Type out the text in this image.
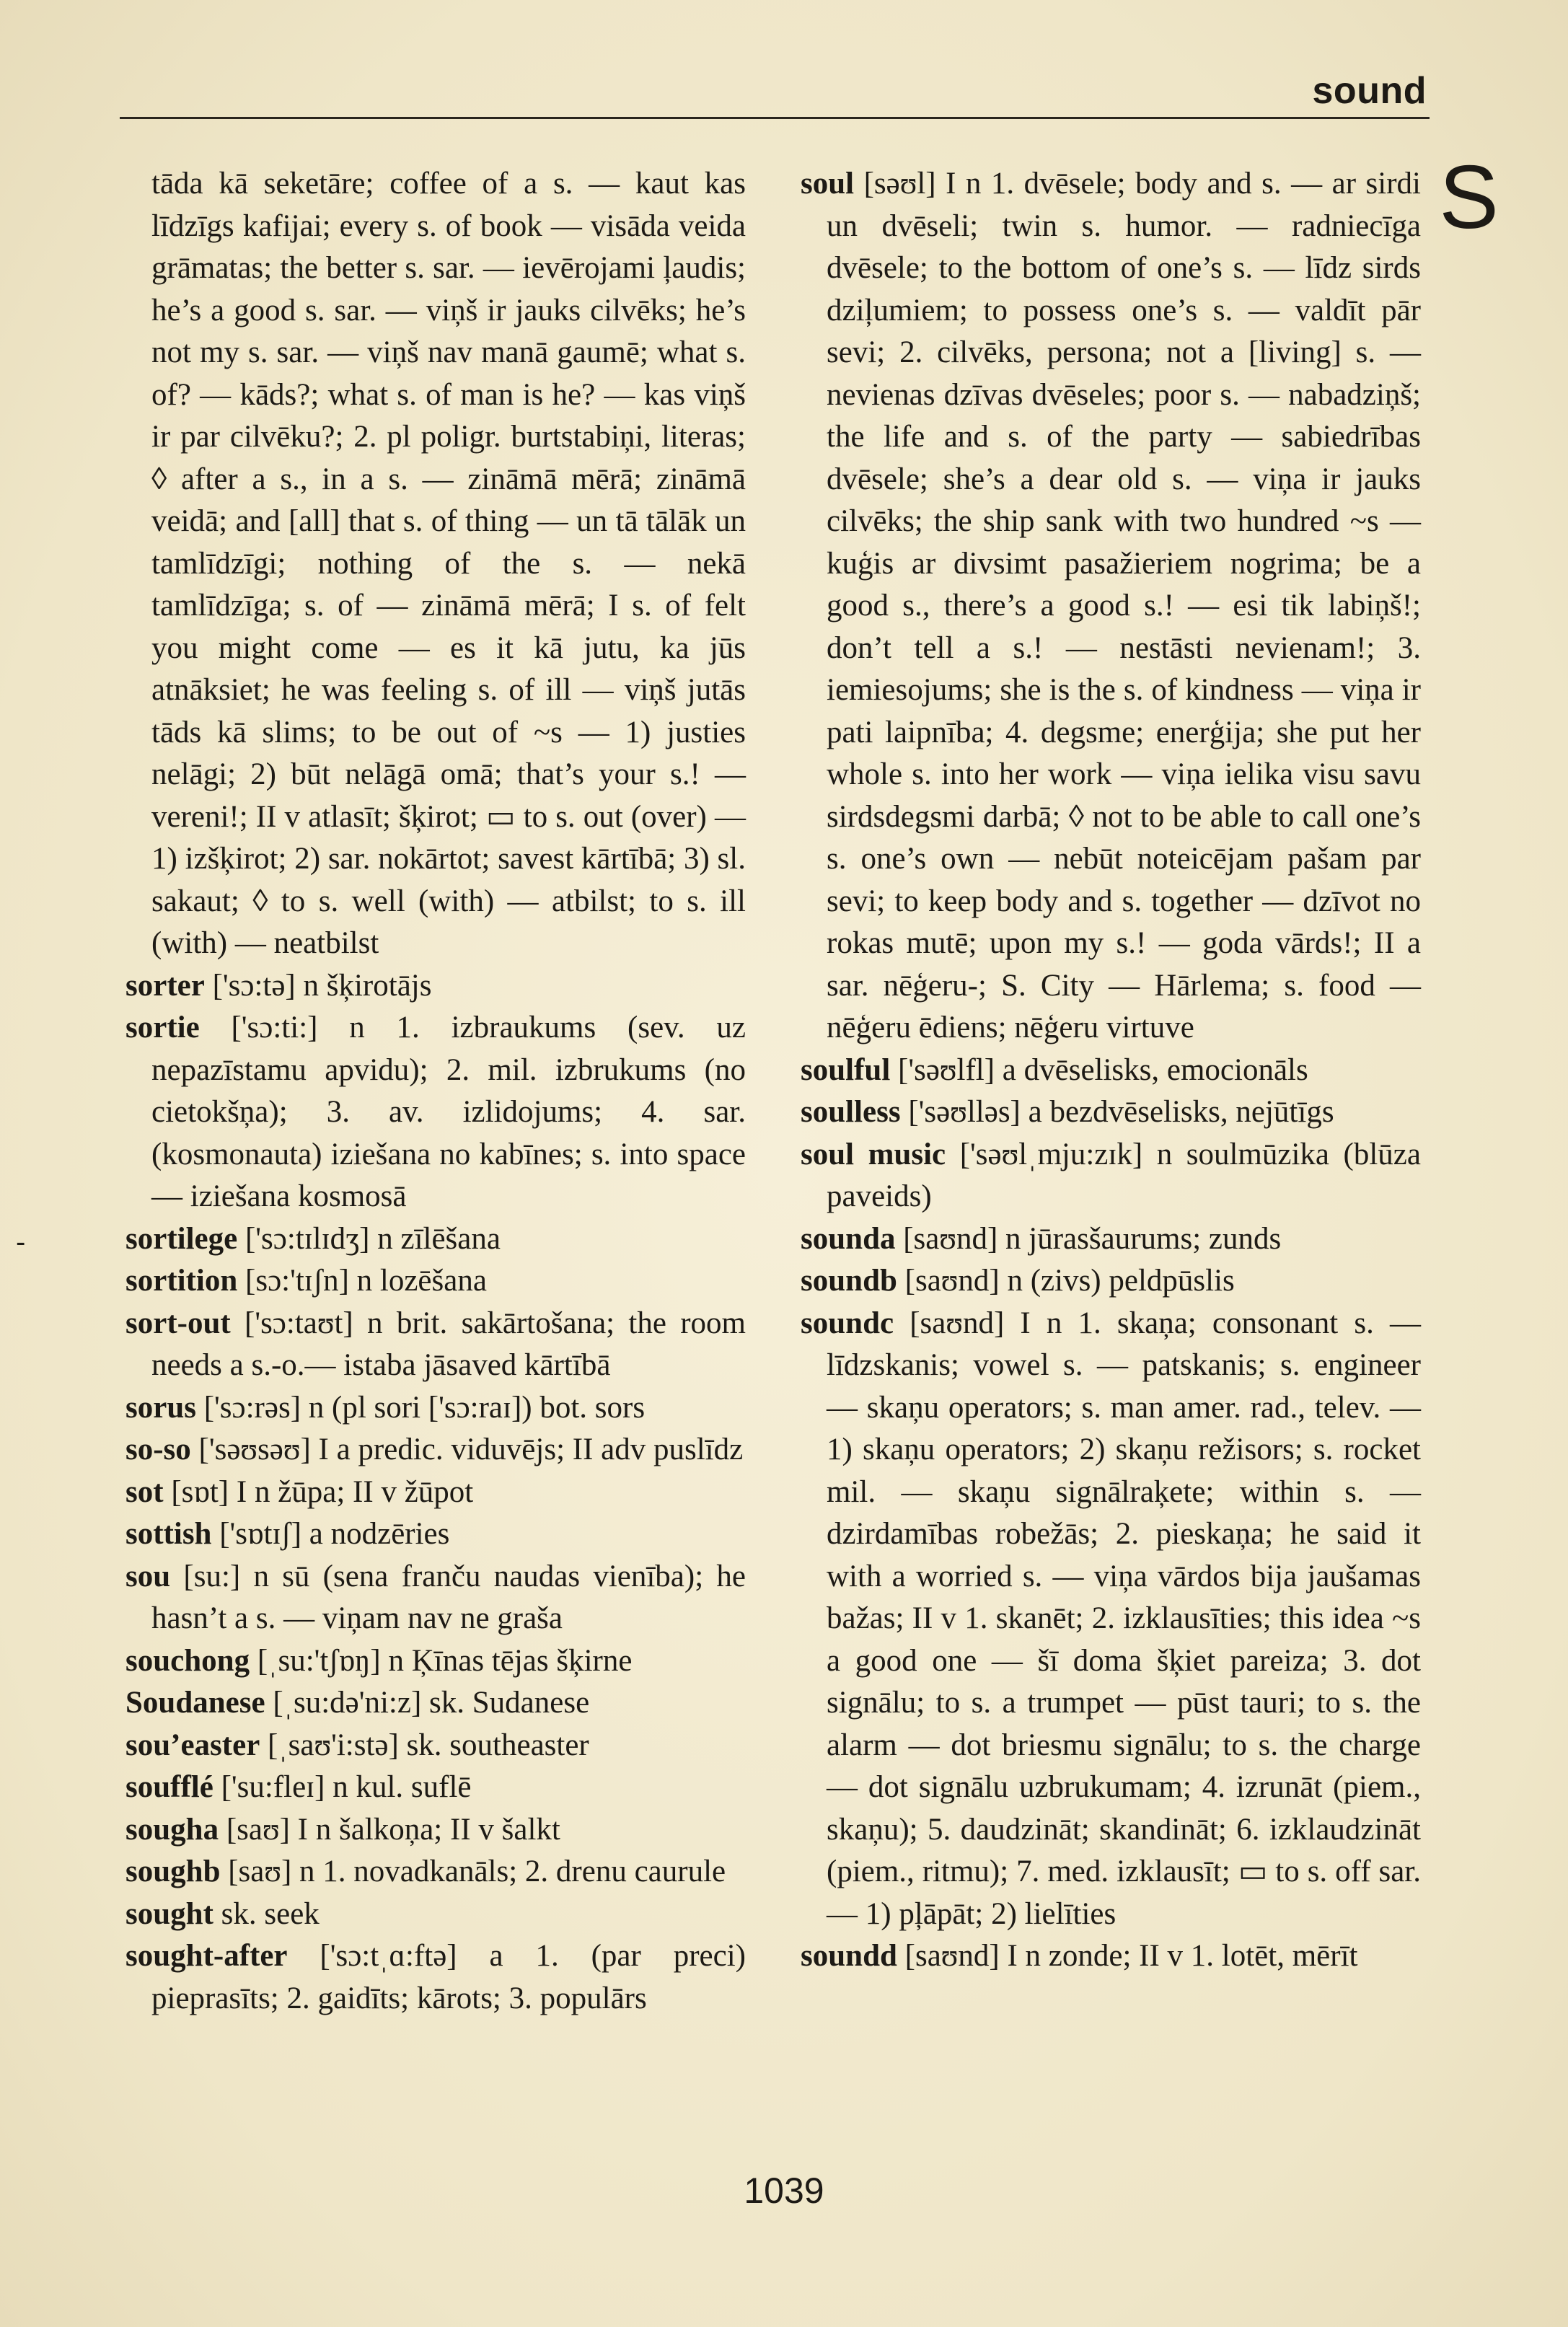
sound
S
-

tāda kā seketāre; coffee of a s. — kaut kas līdzīgs kafijai; every s. of book — visāda veida grāmatas; the better s. sar. — ievērojami ļaudis; he’s a good s. sar. — viņš ir jauks cilvēks; he’s not my s. sar. — viņš nav manā gaumē; what s. of? — kāds?; what s. of man is he? — kas viņš ir par cilvēku?; 2. pl poligr. burtstabiņi, literas; ◊ after a s., in a s. — zināmā mērā; zināmā veidā; and [all] that s. of thing — un tā tālāk un tamlīdzīgi; nothing of the s. — nekā tamlīdzīga; s. of — zināmā mērā; I s. of felt you might come — es it kā jutu, ka jūs atnāksiet; he was feeling s. of ill — viņš jutās tāds kā slims; to be out of ~s — 1) justies nelāgi; 2) būt nelāgā omā; that’s your s.! — vereni!; II v atlasīt; šķirot; ▭ to s. out (over) — 1) izšķirot; 2) sar. nokārtot; savest kārtībā; 3) sl. sakaut; ◊ to s. well (with) — atbilst; to s. ill (with) — neatbilst

sorter ['sɔ:tə] n šķirotājs

sortie ['sɔ:ti:] n 1. izbraukums (sev. uz nepazīstamu apvidu); 2. mil. izbrukums (no cietokšņa); 3. av. izlidojums; 4. sar. (kosmonauta) iziešana no kabīnes; s. into space — iziešana kosmosā

sortilege ['sɔ:tɪlɪdʒ] n zīlēšana

sortition [sɔ:'tɪʃn] n lozēšana

sort-out ['sɔ:taʊt] n brit. sakārtošana; the room needs a s.-o.— istaba jāsaved kārtībā

sorus ['sɔ:rəs] n (pl sori ['sɔ:raɪ]) bot. sors

so-so ['səʊsəʊ] I a predic. viduvējs; II adv puslīdz

sot [sɒt] I n žūpa; II v žūpot

sottish ['sɒtɪʃ] a nodzēries

sou [su:] n sū (sena franču naudas vienība); he hasn’t a s. — viņam nav ne graša

souchong [ˌsu:'tʃɒŋ] n Ķīnas tējas šķirne

Soudanese [ˌsu:də'ni:z] sk. Sudanese

sou’easter [ˌsaʊ'i:stə] sk. southeaster

soufflé ['su:fleɪ] n kul. suflē

sougha [saʊ] I n šalkoņa; II v šalkt

soughb [saʊ] n 1. novadkanāls; 2. drenu caurule

sought sk. seek

sought-after ['sɔ:tˌɑ:ftə] a 1. (par preci) pieprasīts; 2. gaidīts; kārots; 3. populārs

soul [səʊl] I n 1. dvēsele; body and s. — ar sirdi un dvēseli; twin s. humor. — radniecīga dvēsele; to the bottom of one’s s. — līdz sirds dziļumiem; to possess one’s s. — valdīt pār sevi; 2. cilvēks, persona; not a [living] s. — nevienas dzīvas dvēseles; poor s. — nabadziņš; the life and s. of the party — sabiedrības dvēsele; she’s a dear old s. — viņa ir jauks cilvēks; the ship sank with two hundred ~s — kuģis ar divsimt pasažieriem nogrima; be a good s., there’s a good s.! — esi tik labiņš!; don’t tell a s.! — nestāsti nevienam!; 3. iemiesojums; she is the s. of kindness — viņa ir pati laipnība; 4. degsme; enerģija; she put her whole s. into her work — viņa ielika visu savu sirdsdegsmi darbā; ◊ not to be able to call one’s s. one’s own — nebūt noteicējam pašam par sevi; to keep body and s. together — dzīvot no rokas mutē; upon my s.! — goda vārds!; II a sar. nēģeru-; S. City — Hārlema; s. food — nēģeru ēdiens; nēģeru virtuve

soulful ['səʊlfl] a dvēselisks, emocionāls

soulless ['səʊlləs] a bezdvēselisks, nejūtīgs

soul music ['səʊlˌmju:zɪk] n soulmūzika (blūza paveids)

sounda [saʊnd] n jūrasšaurums; zunds

soundb [saʊnd] n (zivs) peldpūslis

soundc [saʊnd] I n 1. skaņa; consonant s. — līdzskanis; vowel s. — patskanis; s. engineer — skaņu operators; s. man amer. rad., telev. — 1) skaņu operators; 2) skaņu režisors; s. rocket mil. — skaņu signālraķete; within s. — dzirdamības robežās; 2. pieskaņa; he said it with a worried s. — viņa vārdos bija jaušamas bažas; II v 1. skanēt; 2. izklausīties; this idea ~s a good one — šī doma šķiet pareiza; 3. dot signālu; to s. a trumpet — pūst tauri; to s. the alarm — dot briesmu signālu; to s. the charge — dot signālu uzbrukumam; 4. izrunāt (piem., skaņu); 5. daudzināt; skandināt; 6. izklaudzināt (piem., ritmu); 7. med. izklausīt; ▭ to s. off sar. — 1) pļāpāt; 2) lielīties

soundd [saʊnd] I n zonde; II v 1. lotēt, mērīt

1039
